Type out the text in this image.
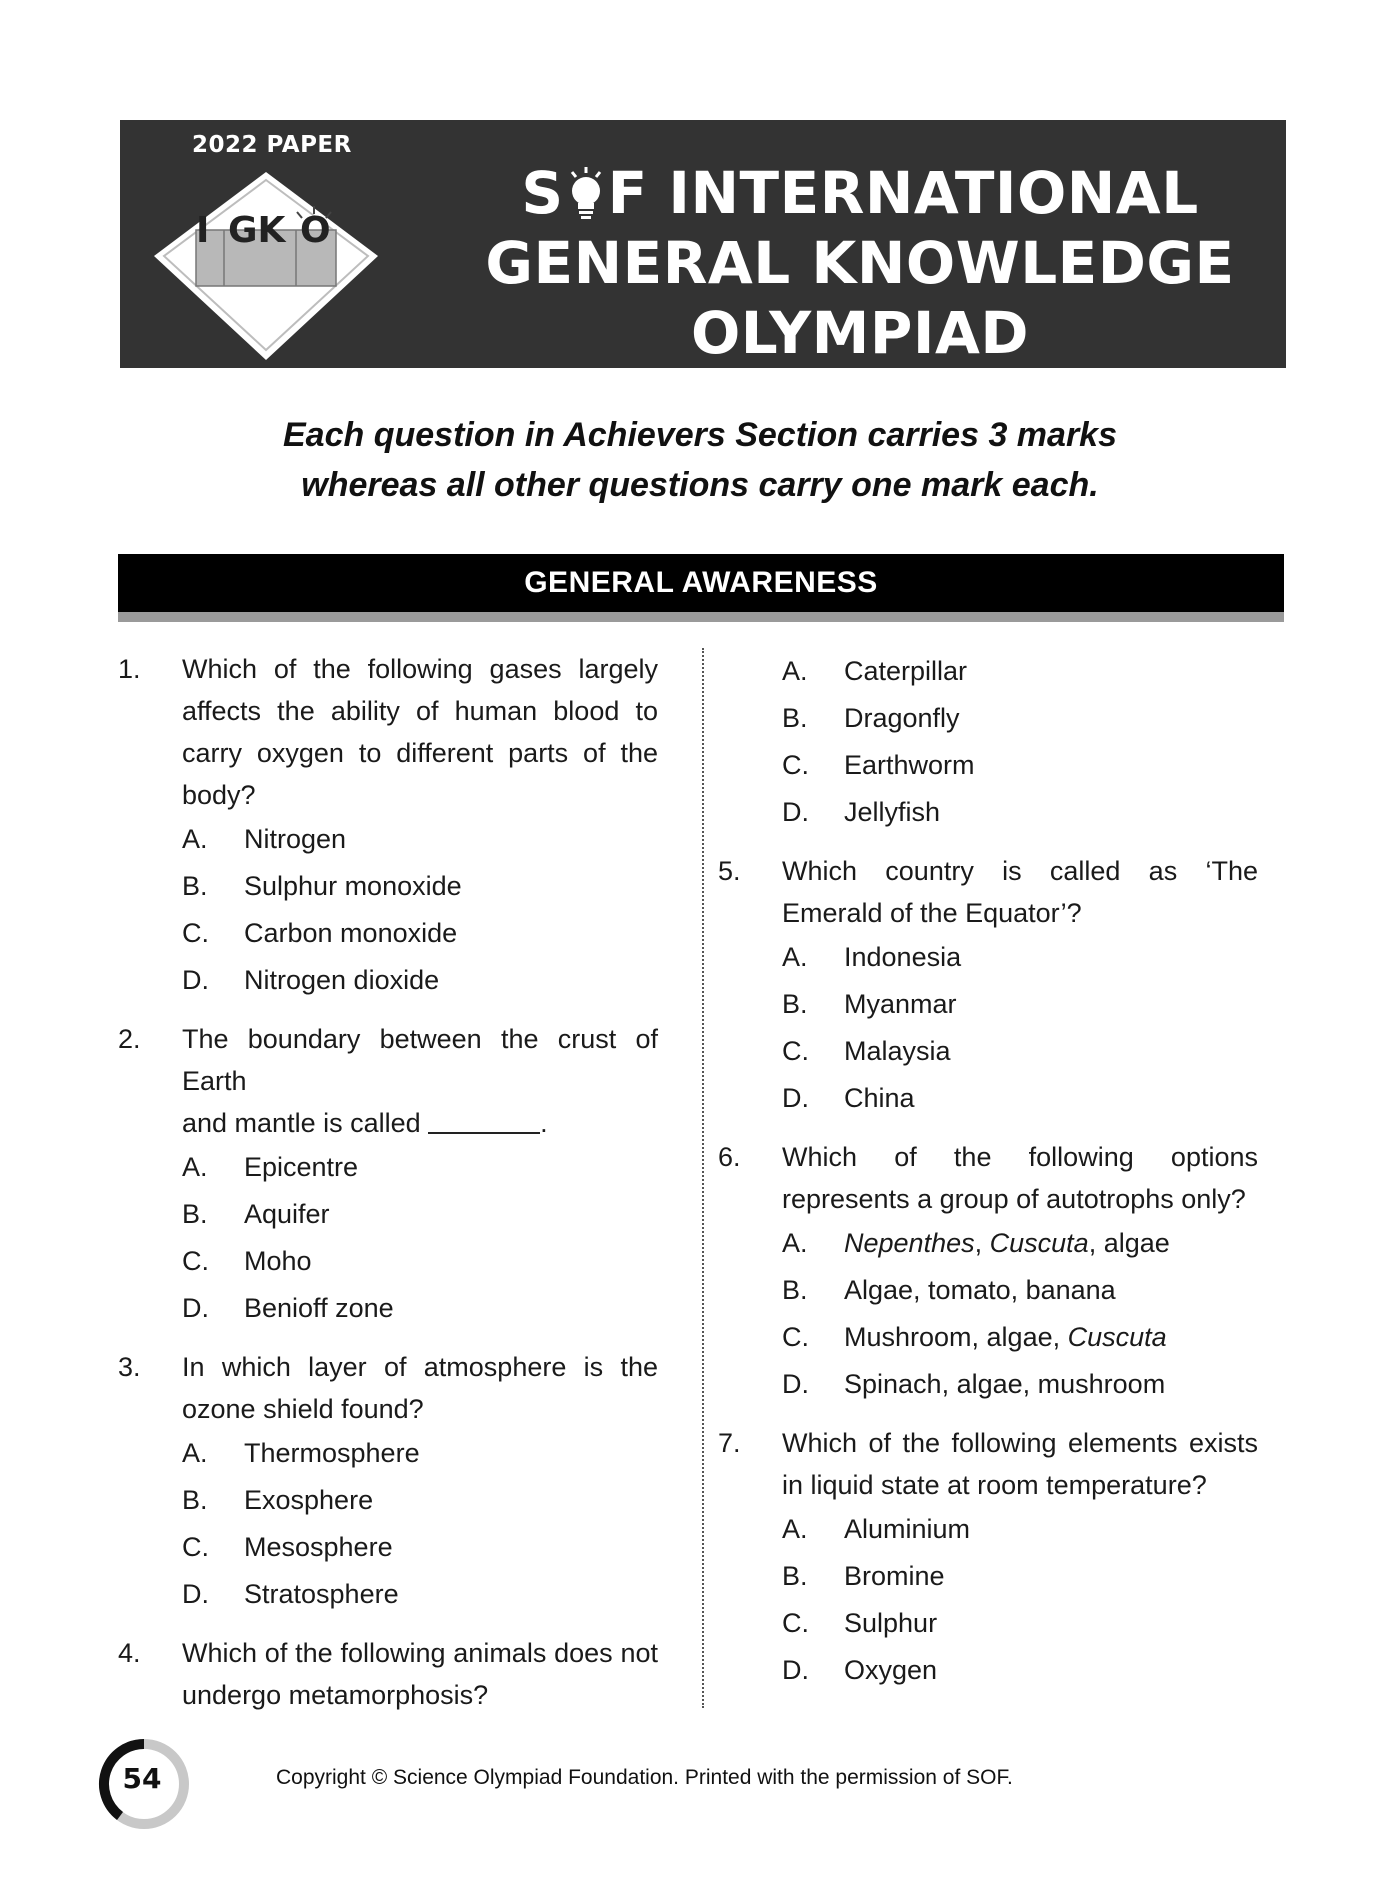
2022 PAPER
I GK O
S F INTERNATIONAL
GENERAL KNOWLEDGE
OLYMPIAD
Each question in Achievers Section carries 3 marks
whereas all other questions carry one mark each.
GENERAL AWARENESS
1. Which of the following gases largely affects the ability of human blood to carry oxygen to different parts of the body?
A. Nitrogen
B. Sulphur monoxide
C. Carbon monoxide
D. Nitrogen dioxide
2. The boundary between the crust of Earth
and mantle is called	.
A. Epicentre
B. Aquifer
C. Moho
D. Benioff zone
3. In which layer of atmosphere is the ozone shield found?
A. Thermosphere
B. Exosphere
C. Mesosphere
D. Stratosphere
4. Which of the following animals does not undergo metamorphosis?
A. Caterpillar
B. Dragonfly
C. Earthworm
D. Jellyfish
5. Which country is called as ‘The Emerald of the Equator’?
A. Indonesia
B. Myanmar
C. Malaysia
D. China
6. Which of the following options represents a group of autotrophs only?
A. Nepenthes, Cuscuta, algae
B. Algae, tomato, banana
C. Mushroom, algae, Cuscuta
D. Spinach, algae, mushroom
7. Which of the following elements exists in liquid state at room temperature?
A. Aluminium
B. Bromine
C. Sulphur
D. Oxygen
54	Copyright © Science Olympiad Foundation. Printed with the permission of SOF.
